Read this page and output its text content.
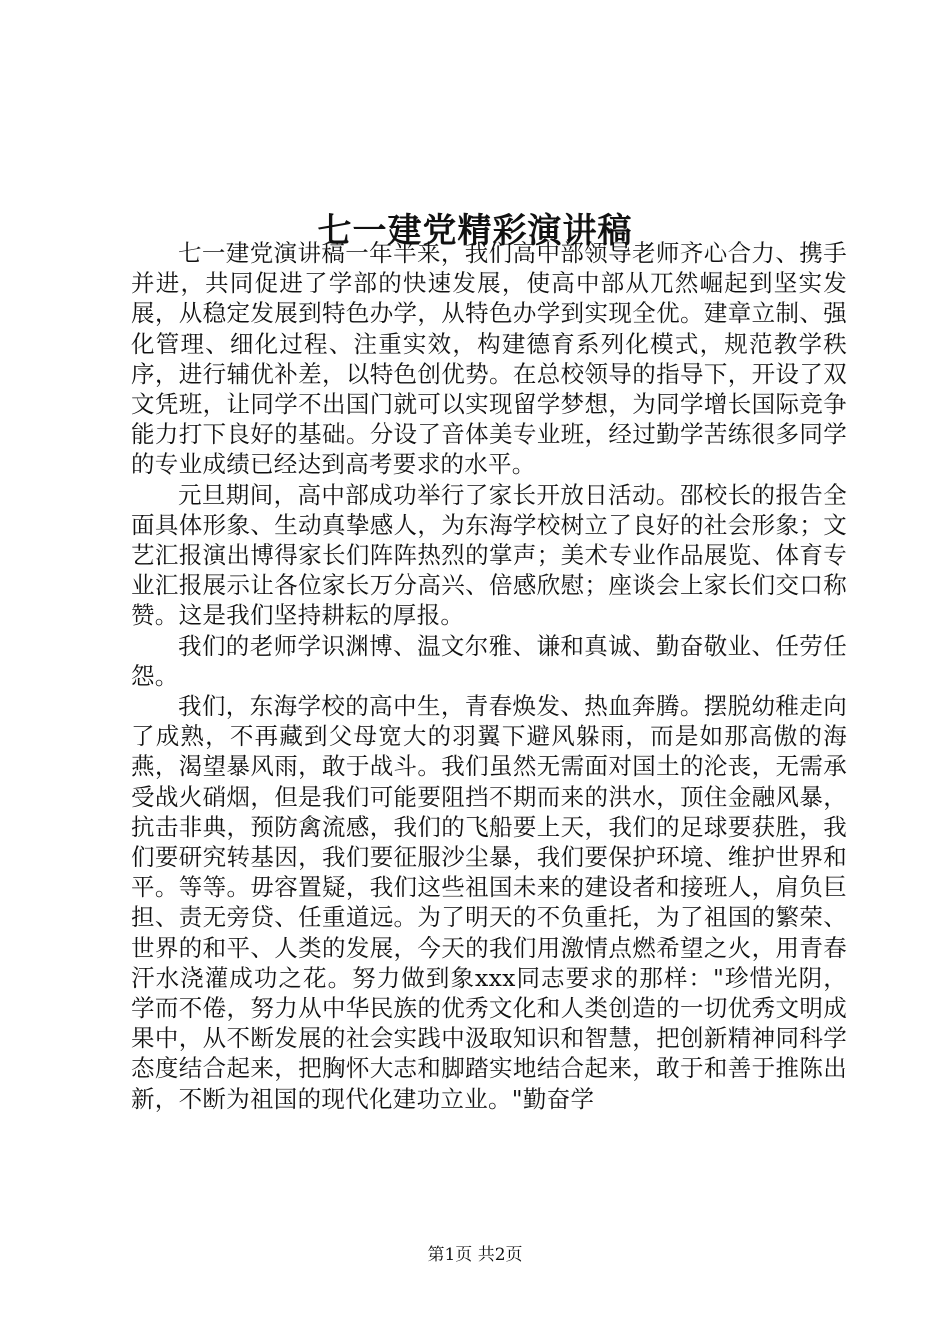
七一建党精彩演讲稿

七一建党演讲稿一年半来，我们高中部领导老师齐心合力、携手并进，共同促进了学部的快速发展，使高中部从兀然崛起到坚实发展，从稳定发展到特色办学，从特色办学到实现全优。建章立制、强化管理、细化过程、注重实效，构建德育系列化模式，规范教学秩序，进行辅优补差，以特色创优势。在总校领导的指导下，开设了双文凭班，让同学不出国门就可以实现留学梦想，为同学增长国际竞争能力打下良好的基础。分设了音体美专业班，经过勤学苦练很多同学的专业成绩已经达到高考要求的水平。

元旦期间，高中部成功举行了家长开放日活动。邵校长的报告全面具体形象、生动真挚感人，为东海学校树立了良好的社会形象；文艺汇报演出博得家长们阵阵热烈的掌声；美术专业作品展览、体育专业汇报展示让各位家长万分高兴、倍感欣慰；座谈会上家长们交口称赞。这是我们坚持耕耘的厚报。

我们的老师学识渊博、温文尔雅、谦和真诚、勤奋敬业、任劳任怨。

我们，东海学校的高中生，青春焕发、热血奔腾。摆脱幼稚走向了成熟，不再藏到父母宽大的羽翼下避风躲雨，而是如那高傲的海燕，渴望暴风雨，敢于战斗。我们虽然无需面对国土的沦丧，无需承受战火硝烟，但是我们可能要阻挡不期而来的洪水，顶住金融风暴，抗击非典，预防禽流感，我们的飞船要上天，我们的足球要获胜，我们要研究转基因，我们要征服沙尘暴，我们要保护环境、维护世界和平。等等。毋容置疑，我们这些祖国未来的建设者和接班人，肩负巨担、责无旁贷、任重道远。为了明天的不负重托，为了祖国的繁荣、世界的和平、人类的发展，今天的我们用激情点燃希望之火，用青春汗水浇灌成功之花。努力做到象xxx同志要求的那样："珍惜光阴，学而不倦，努力从中华民族的优秀文化和人类创造的一切优秀文明成果中，从不断发展的社会实践中汲取知识和智慧，把创新精神同科学态度结合起来，把胸怀大志和脚踏实地结合起来，敢于和善于推陈出新，不断为祖国的现代化建功立业。"勤奋学

第1页 共2页
